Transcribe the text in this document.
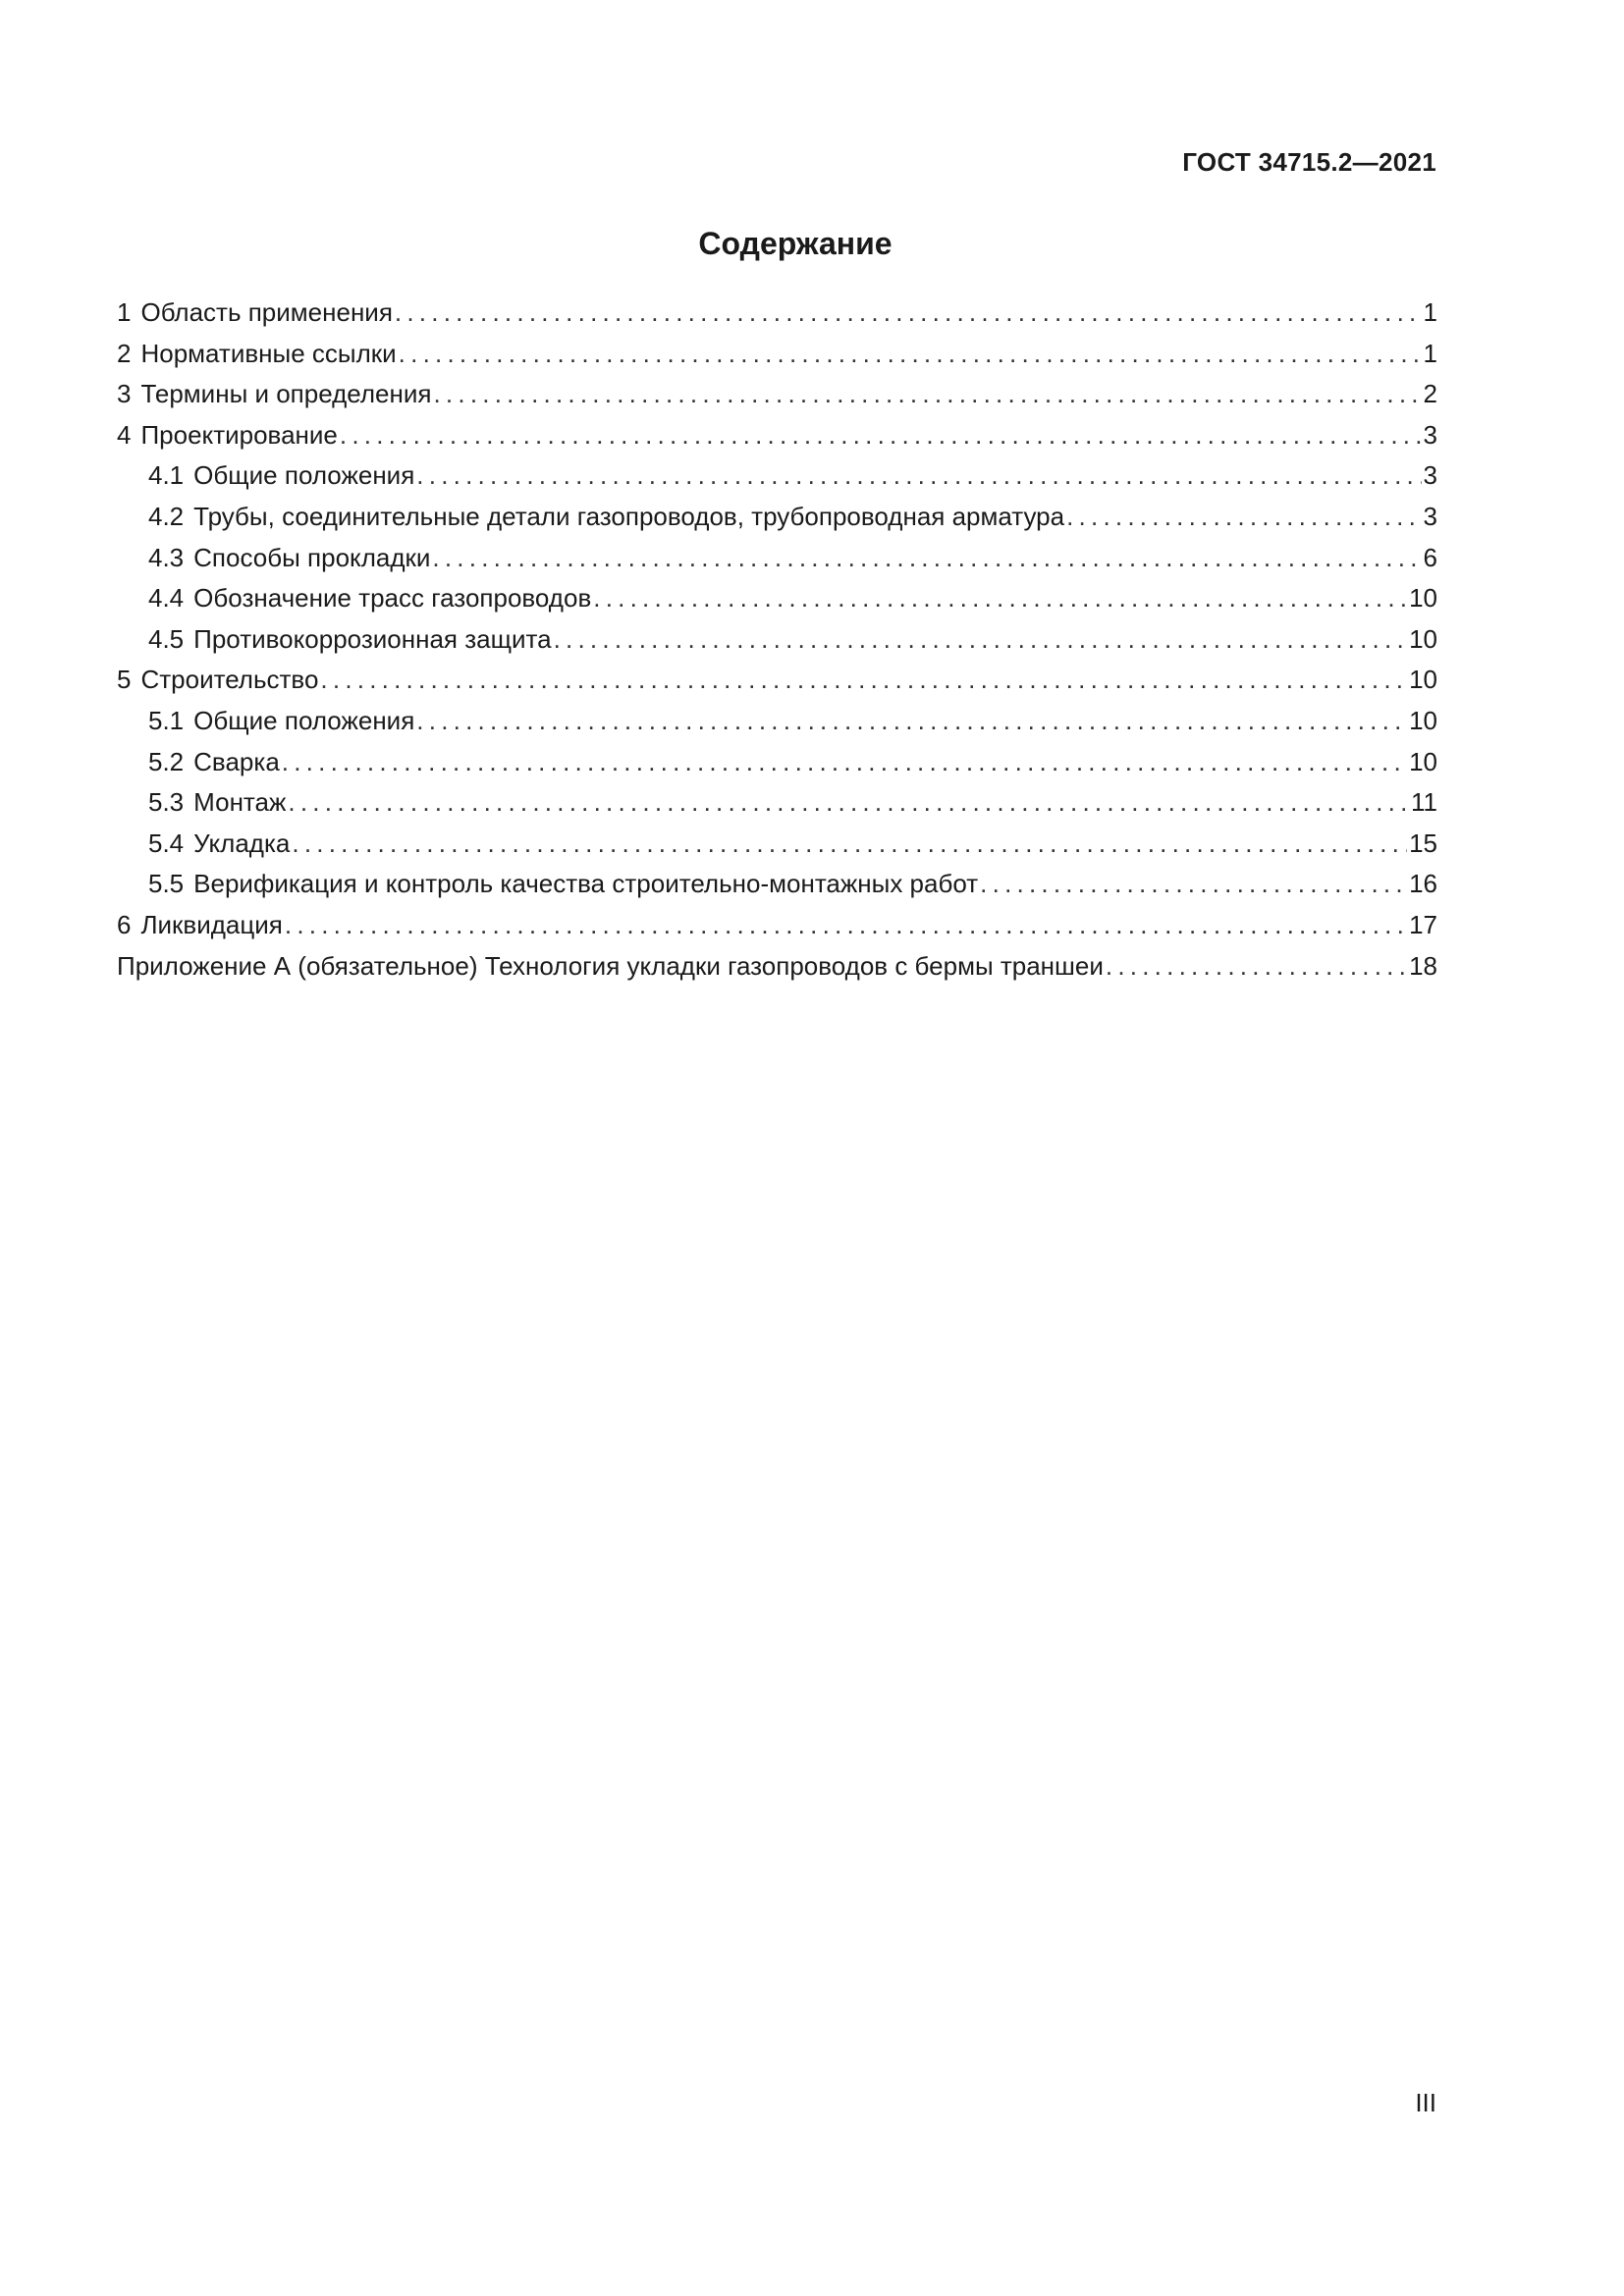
ГОСТ 34715.2—2021
Содержание
1 Область применения . . .	1
2 Нормативные ссылки . . .	1
3 Термины и определения . . .	2
4 Проектирование . . .	3
4.1 Общие положения . . .	3
4.2 Трубы, соединительные детали газопроводов, трубопроводная арматура . . .	3
4.3 Способы прокладки . . .	6
4.4 Обозначение трасс газопроводов . . .	10
4.5 Противокоррозионная защита . . .	10
5 Строительство . . .	10
5.1 Общие положения . . .	10
5.2 Сварка . . .	10
5.3 Монтаж . . .	11
5.4 Укладка . . .	15
5.5 Верификация и контроль качества строительно-монтажных работ . . .	16
6 Ликвидация . . .	17
Приложение А (обязательное) Технология укладки газопроводов с бермы траншеи . . .	18
III
